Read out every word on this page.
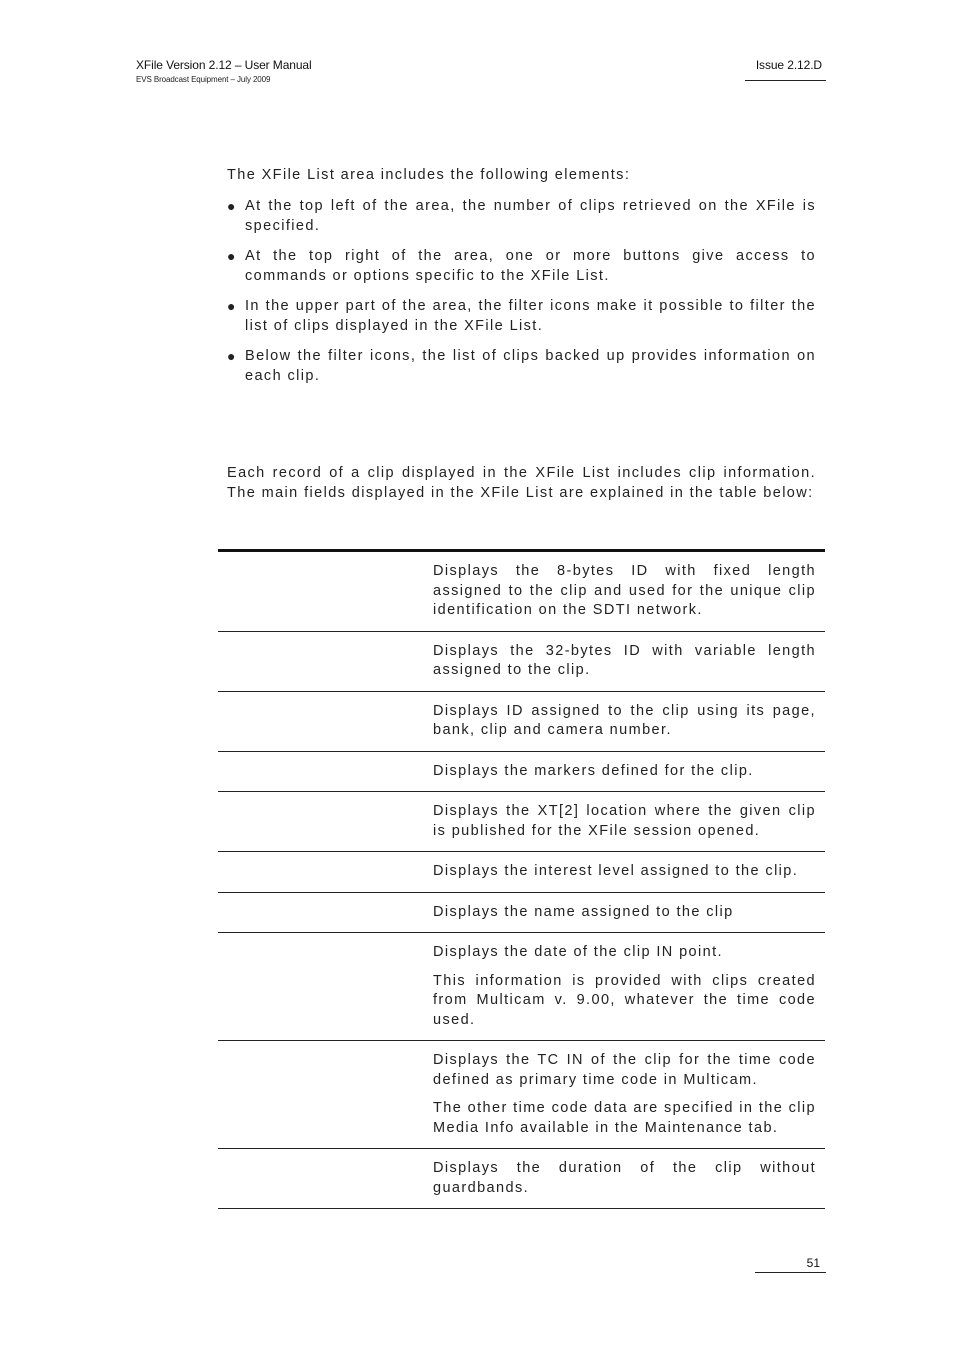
XFile Version 2.12 – User Manual
EVS Broadcast Equipment – July 2009
Issue 2.12.D
The XFile List area includes the following elements:
● At the top left of the area, the number of clips retrieved on the XFile is specified.
● At the top right of the area, one or more buttons give access to commands or options specific to the XFile List.
● In the upper part of the area, the filter icons make it possible to filter the list of clips displayed in the XFile List.
● Below the filter icons, the list of clips backed up provides information on each clip.
Each record of a clip displayed in the XFile List includes clip information. The main fields displayed in the XFile List are explained in the table below:

Displays the 8-bytes ID with fixed length assigned to the clip and used for the unique clip identification on the SDTI network.

Displays the 32-bytes ID with variable length assigned to the clip.

Displays ID assigned to the clip using its page, bank, clip and camera number.

Displays the markers defined for the clip.

Displays the XT[2] location where the given clip is published for the XFile session opened.

Displays the interest level assigned to the clip.

Displays the name assigned to the clip

Displays the date of the clip IN point.

This information is provided with clips created from Multicam v. 9.00, whatever the time code used.

Displays the TC IN of the clip for the time code defined as primary time code in Multicam.

The other time code data are specified in the clip Media Info available in the Maintenance tab.

Displays the duration of the clip without guardbands.

51
